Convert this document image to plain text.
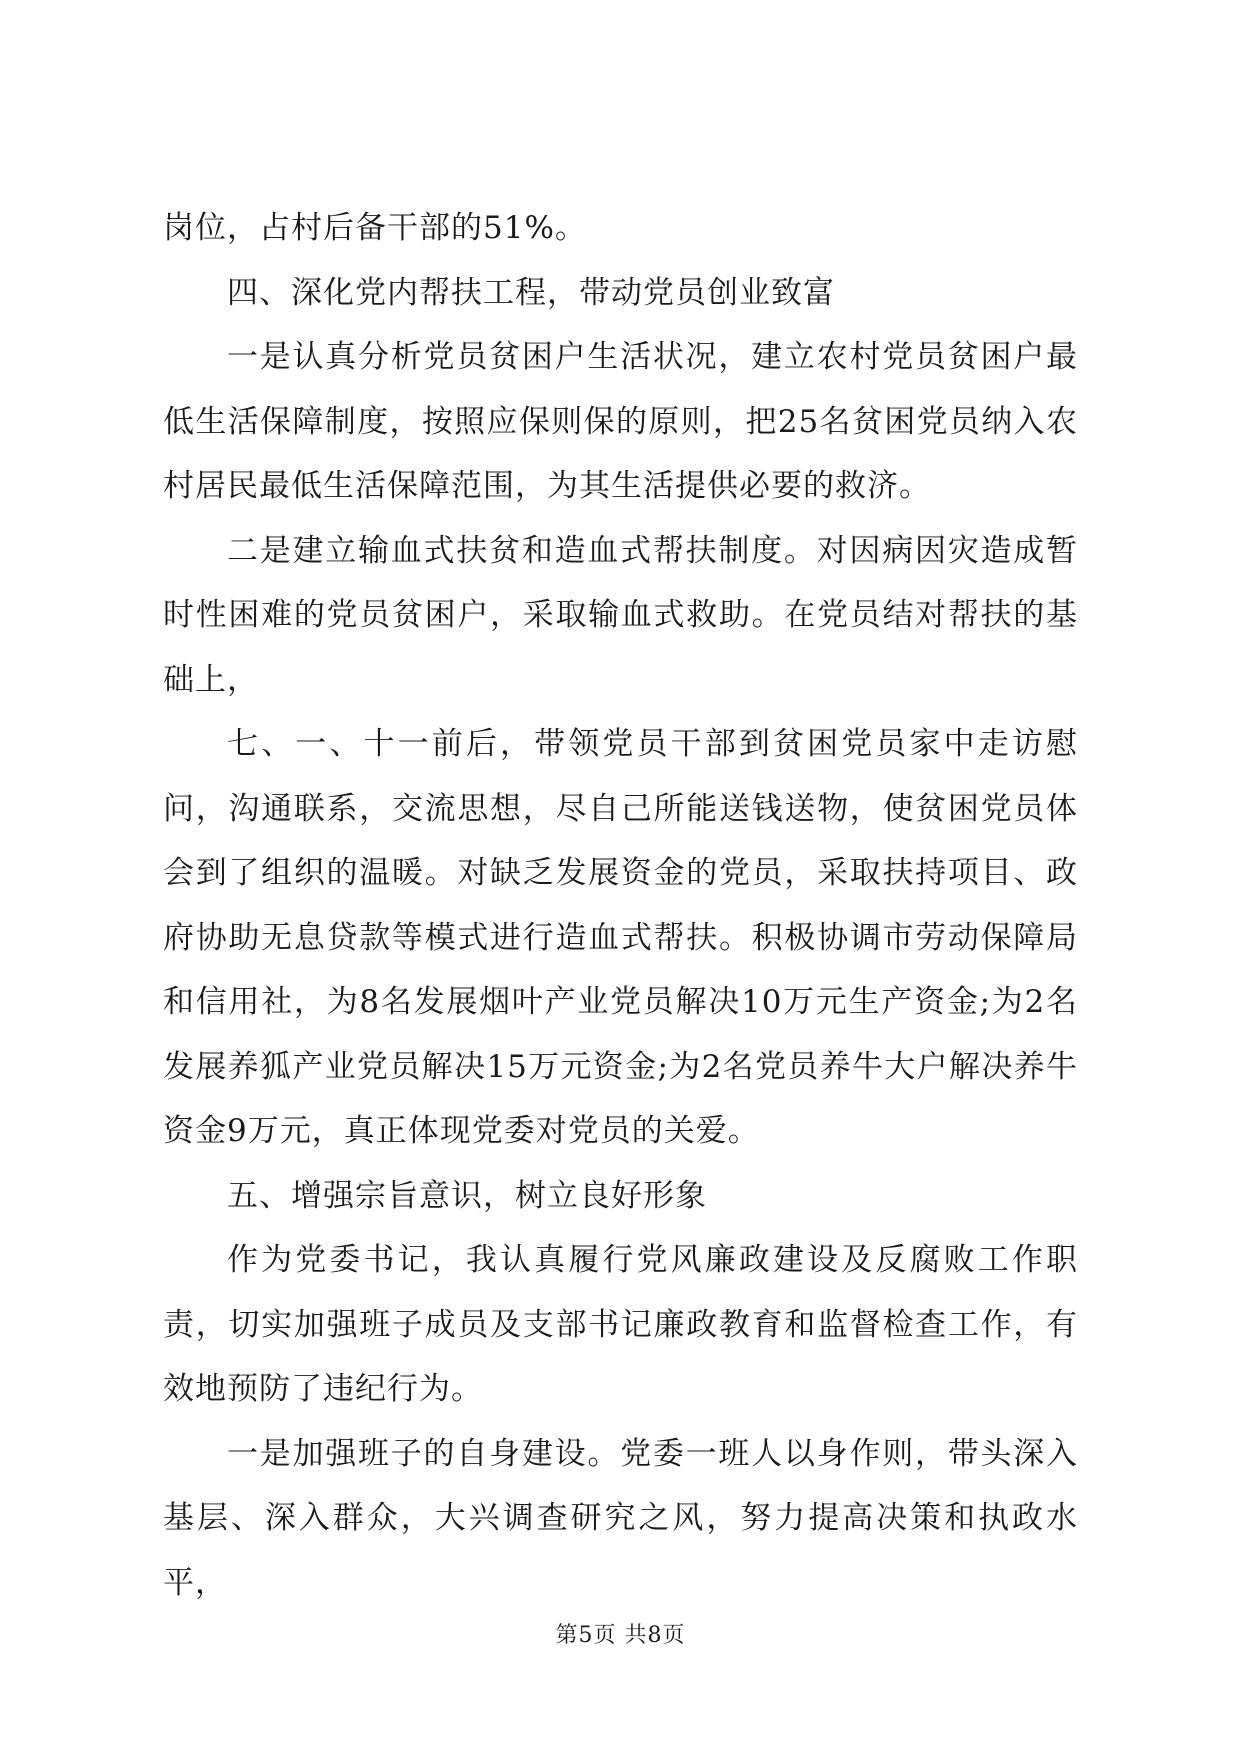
岗位，占村后备干部的51%。

四、深化党内帮扶工程，带动党员创业致富

一是认真分析党员贫困户生活状况，建立农村党员贫困户最低生活保障制度，按照应保则保的原则，把25名贫困党员纳入农村居民最低生活保障范围，为其生活提供必要的救济。

二是建立输血式扶贫和造血式帮扶制度。对因病因灾造成暂时性困难的党员贫困户，采取输血式救助。在党员结对帮扶的基础上，

七、一、十一前后，带领党员干部到贫困党员家中走访慰问，沟通联系，交流思想，尽自己所能送钱送物，使贫困党员体会到了组织的温暖。对缺乏发展资金的党员，采取扶持项目、政府协助无息贷款等模式进行造血式帮扶。积极协调市劳动保障局和信用社，为8名发展烟叶产业党员解决10万元生产资金;为2名发展养狐产业党员解决15万元资金;为2名党员养牛大户解决养牛资金9万元，真正体现党委对党员的关爱。

五、增强宗旨意识，树立良好形象

作为党委书记，我认真履行党风廉政建设及反腐败工作职责，切实加强班子成员及支部书记廉政教育和监督检查工作，有效地预防了违纪行为。

一是加强班子的自身建设。党委一班人以身作则，带头深入基层、深入群众，大兴调查研究之风，努力提高决策和执政水平，

第5页 共8页
